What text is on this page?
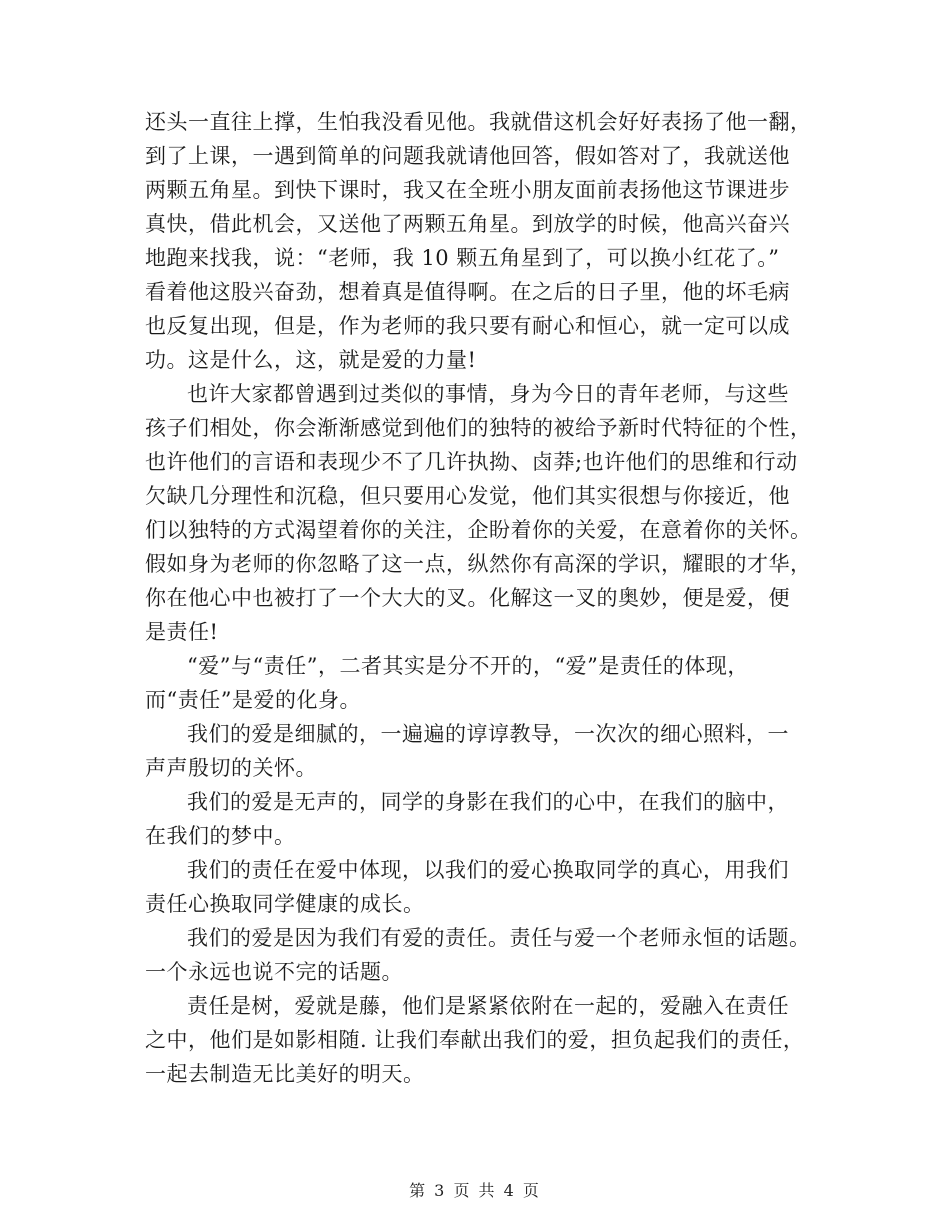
还头一直往上撑，生怕我没看见他。我就借这机会好好表扬了他一翻，
到了上课，一遇到简单的问题我就请他回答，假如答对了，我就送他
两颗五角星。到快下课时，我又在全班小朋友面前表扬他这节课进步
真快，借此机会，又送他了两颗五角星。到放学的时候，他高兴奋兴
地跑来找我，说：“老师，我 10 颗五角星到了，可以换小红花了。”
看着他这股兴奋劲，想着真是值得啊。在之后的日子里，他的坏毛病
也反复出现，但是，作为老师的我只要有耐心和恒心，就一定可以成
功。这是什么，这，就是爱的力量!
也许大家都曾遇到过类似的事情，身为今日的青年老师，与这些
孩子们相处，你会渐渐感觉到他们的独特的被给予新时代特征的个性，
也许他们的言语和表现少不了几许执拗、卤莽;也许他们的思维和行动
欠缺几分理性和沉稳，但只要用心发觉，他们其实很想与你接近，他
们以独特的方式渴望着你的关注，企盼着你的关爱，在意着你的关怀。
假如身为老师的你忽略了这一点，纵然你有高深的学识，耀眼的才华，
你在他心中也被打了一个大大的叉。化解这一叉的奥妙，便是爱，便
是责任!
“爱”与“责任”，二者其实是分不开的，“爱”是责任的体现，
而“责任”是爱的化身。
我们的爱是细腻的，一遍遍的谆谆教导，一次次的细心照料，一
声声殷切的关怀。
我们的爱是无声的，同学的身影在我们的心中，在我们的脑中，
在我们的梦中。
我们的责任在爱中体现，以我们的爱心换取同学的真心，用我们
责任心换取同学健康的成长。
我们的爱是因为我们有爱的责任。责任与爱一个老师永恒的话题。
一个永远也说不完的话题。
责任是树，爱就是藤，他们是紧紧依附在一起的，爱融入在责任
之中，他们是如影相随. 让我们奉献出我们的爱，担负起我们的责任，
一起去制造无比美好的明天。
第 3 页 共 4 页
